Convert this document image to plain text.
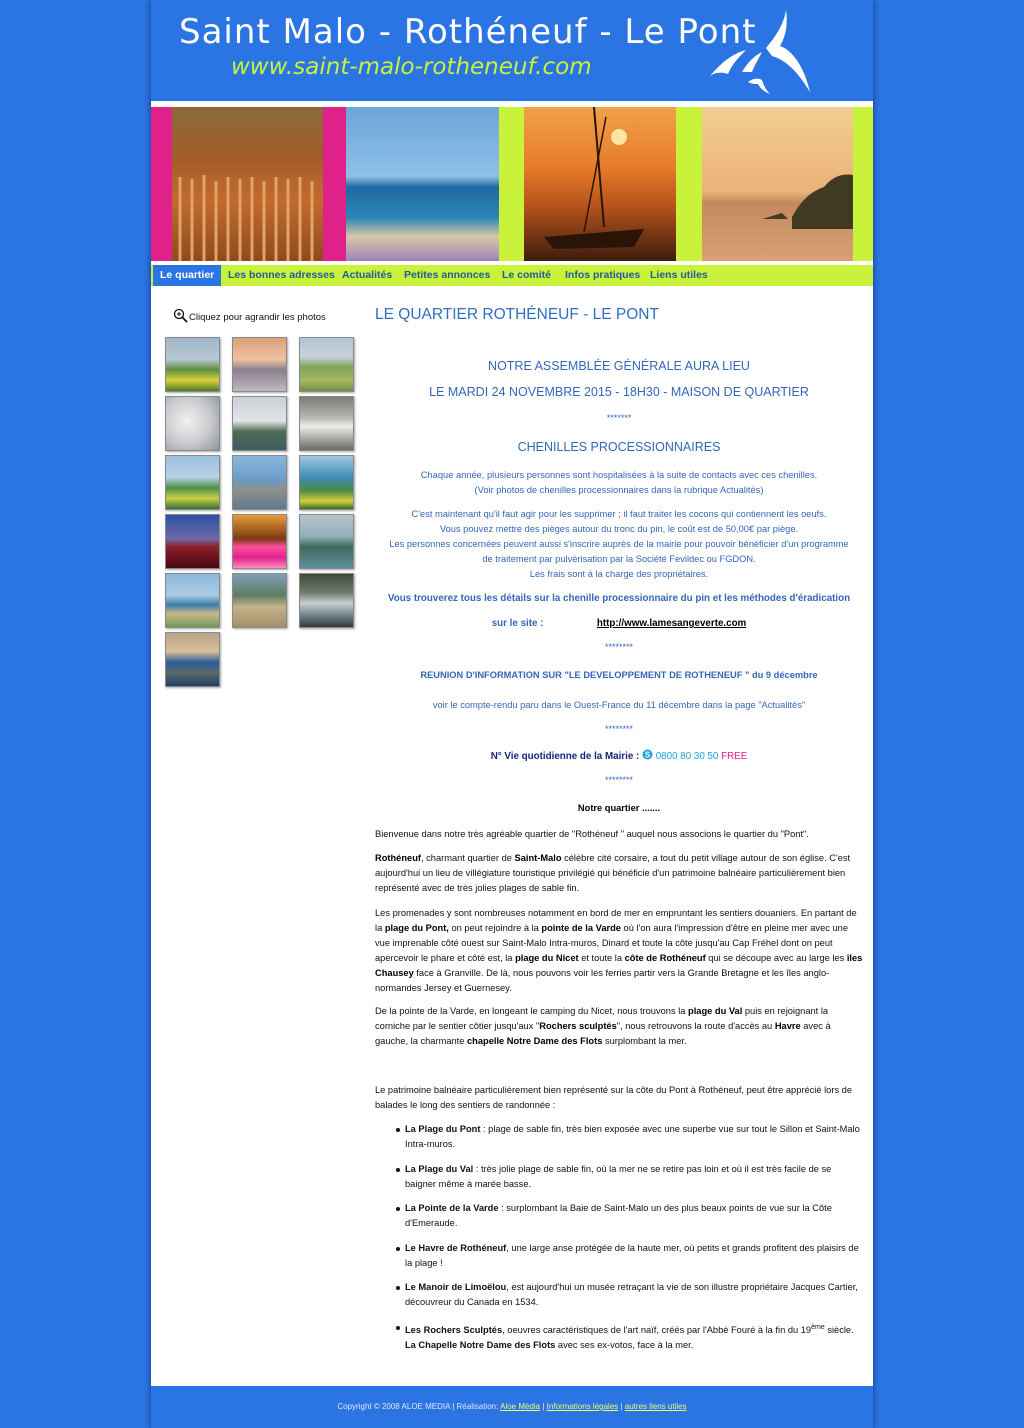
Saint Malo - Rothéneuf - Le Pont
www.saint-malo-rotheneuf.com
Le quartier	Les bonnes adresses Actualités Petites annonces Le comité Infos pratiques Liens utiles
Cliquez pour agrandir les photos	LE QUARTIER ROTHÉNEUF - LE PONT
NOTRE ASSEMBLÉE GÉNÉRALE AURA LIEU
LE MARDI 24 NOVEMBRE 2015 - 18H30 - MAISON DE QUARTIER
*******
CHENILLES PROCESSIONNAIRES
Chaque année, plusieurs personnes sont hospitalisées à la suite de contacts avec ces chenilles.
(Voir photos de chenilles processionnaires dans la rubrique Actualités)
C'est maintenant qu'il faut agir pour les supprimer ; il faut traiter les cocons qui contiennent les oeufs.
Vous pouvez mettre des pièges autour du tronc du pin, le coût est de 50,00€ par piège.
Les personnes concernées peuvent aussi s'inscrire auprès de la mairie pour pouvoir bénéficier d'un programme
de traitement par pulvérisation par la Société Fevildec ou FGDON.
Les frais sont à la charge des propriétaires.
Vous trouverez tous les détails sur la chenille processionnaire du pin et les méthodes d'éradication
sur le site :	http://www.lamesangeverte.com
********
REUNION D'INFORMATION SUR "LE DEVELOPPEMENT DE ROTHENEUF " du 9 décembre
voir le compte-rendu paru dans le Ouest-France du 11 décembre dans la page "Actualités"
********
N° Vie quotidienne de la Mairie : S 0800 80 30 50 FREE
********
Notre quartier .......
Bienvenue dans notre très agréable quartier de "Rothéneuf " auquel nous associons le quartier du "Pont".
Rothéneuf, charmant quartier de Saint-Malo célèbre cité corsaire, a tout du petit village autour de son église. C'est aujourd'hui un lieu de villégiature touristique privilégié qui bénéficie d'un patrimoine balnéaire particulièrement bien représenté avec de très jolies plages de sable fin.
Les promenades y sont nombreuses notamment en bord de mer en empruntant les sentiers douaniers. En partant de la plage du Pont, on peut rejoindre à la pointe de la Varde où l'on aura l'impression d'être en pleine mer avec une vue imprenable côté ouest sur Saint-Malo Intra-muros, Dinard et toute la côte jusqu'au Cap Fréhel dont on peut apercevoir le phare et côté est, la plage du Nicet et toute la côte de Rothéneuf qui se découpe avec au large les îles Chausey face à Granville. De là, nous pouvons voir les ferries partir vers la Grande Bretagne et les îles anglo-normandes Jersey et Guernesey.
De la pointe de la Varde, en longeant le camping du Nicet, nous trouvons la plage du Val puis en rejoignant la corniche par le sentier côtier jusqu'aux "Rochers sculptés", nous retrouvons la route d'accès au Havre avec à gauche, la charmante chapelle Notre Dame des Flots surplombant la mer.
Le patrimoine balnéaire particulièrement bien représenté sur la côte du Pont à Rothéneuf, peut être apprécié lors de balades le long des sentiers de randonnée :
La Plage du Pont : plage de sable fin, très bien exposée avec une superbe vue sur tout le Sillon et Saint-Malo Intra-muros.
La Plage du Val : très jolie plage de sable fin, où la mer ne se retire pas loin et où il est très facile de se baigner même à marée basse.
La Pointe de la Varde : surplombant la Baie de Saint-Malo un des plus beaux points de vue sur la Côte d'Emeraude.
Le Havre de Rothéneuf, une large anse protégée de la haute mer, où petits et grands profitent des plaisirs de la plage !
Le Manoir de Limoëlou, est aujourd'hui un musée retraçant la vie de son illustre propriétaire Jacques Cartier, découvreur du Canada en 1534.
Les Rochers Sculptés, oeuvres caractéristiques de l'art naïf, créés par l'Abbé Fouré à la fin du 19ème siècle. La Chapelle Notre Dame des Flots avec ses ex-votos, face à la mer.
Copyright © 2008 ALOE MEDIA | Réalisation: Aloe Média | Informations légales | autres liens utiles
